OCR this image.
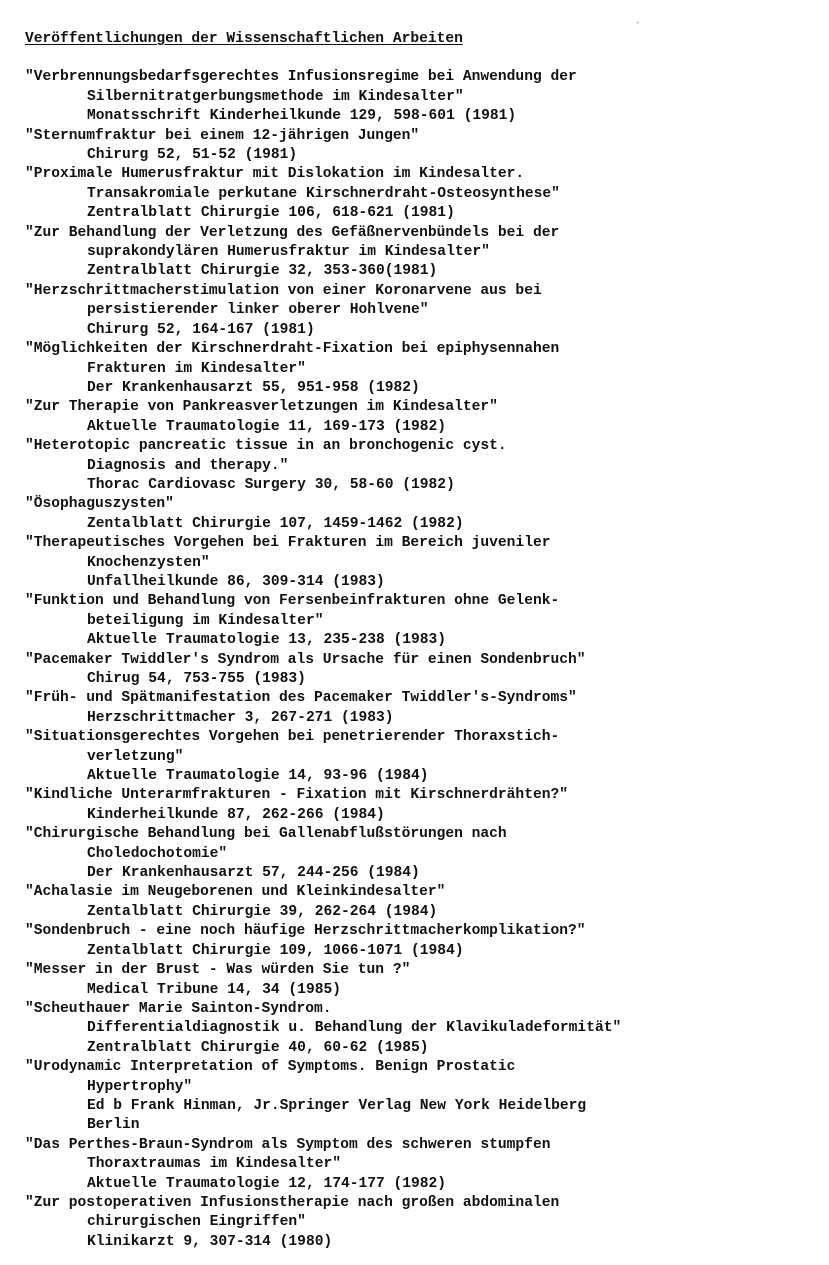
·
Veröffentlichungen der Wissenschaftlichen Arbeiten
"Verbrennungsbedarfsgerechtes Infusionsregime bei Anwendung der
Silbernitratgerbungsmethode im Kindesalter"
Monatsschrift Kinderheilkunde 129, 598-601 (1981)
"Sternumfraktur bei einem 12-jährigen Jungen"
Chirurg 52, 51-52 (1981)
"Proximale Humerusfraktur mit Dislokation im Kindesalter.
Transakromiale perkutane Kirschnerdraht-Osteosynthese"
Zentralblatt Chirurgie 106, 618-621 (1981)
"Zur Behandlung der Verletzung des Gefäßnervenbündels bei der
suprakondylären Humerusfraktur im Kindesalter"
Zentralblatt Chirurgie 32, 353-360(1981)
"Herzschrittmacherstimulation von einer Koronarvene aus bei
persistierender linker oberer Hohlvene"
Chirurg 52, 164-167 (1981)
"Möglichkeiten der Kirschnerdraht-Fixation bei epiphysennahen
Frakturen im Kindesalter"
Der Krankenhausarzt 55, 951-958 (1982)
"Zur Therapie von Pankreasverletzungen im Kindesalter"
Aktuelle Traumatologie 11, 169-173 (1982)
"Heterotopic pancreatic tissue in an bronchogenic cyst.
Diagnosis and therapy."
Thorac Cardiovasc Surgery 30, 58-60 (1982)
"Ösophaguszysten"
Zentalblatt Chirurgie 107, 1459-1462 (1982)
"Therapeutisches Vorgehen bei Frakturen im Bereich juveniler
Knochenzysten"
Unfallheilkunde 86, 309-314 (1983)
"Funktion und Behandlung von Fersenbeinfrakturen ohne Gelenk-
beteiligung im Kindesalter"
Aktuelle Traumatologie 13, 235-238 (1983)
"Pacemaker Twiddler's Syndrom als Ursache für einen Sondenbruch"
Chirug 54, 753-755 (1983)
"Früh- und Spätmanifestation des Pacemaker Twiddler's-Syndroms"
Herzschrittmacher 3, 267-271 (1983)
"Situationsgerechtes Vorgehen bei penetrierender Thoraxstich-
verletzung"
Aktuelle Traumatologie 14, 93-96 (1984)
"Kindliche Unterarmfrakturen - Fixation mit Kirschnerdrähten?"
Kinderheilkunde 87, 262-266 (1984)
"Chirurgische Behandlung bei Gallenabflußstörungen nach
Choledochotomie"
Der Krankenhausarzt 57, 244-256 (1984)
"Achalasie im Neugeborenen und Kleinkindesalter"
Zentalblatt Chirurgie 39, 262-264 (1984)
"Sondenbruch - eine noch häufige Herzschrittmacherkomplikation?"
Zentalblatt Chirurgie 109, 1066-1071 (1984)
"Messer in der Brust - Was würden Sie tun ?"
Medical Tribune 14, 34 (1985)
"Scheuthauer Marie Sainton-Syndrom.
Differentialdiagnostik u. Behandlung der Klavikuladeformität"
Zentralblatt Chirurgie 40, 60-62 (1985)
"Urodynamic Interpretation of Symptoms. Benign Prostatic
Hypertrophy"
Ed b Frank Hinman, Jr.Springer Verlag New York Heidelberg
Berlin
"Das Perthes-Braun-Syndrom als Symptom des schweren stumpfen
Thoraxtraumas im Kindesalter"
Aktuelle Traumatologie 12, 174-177 (1982)
"Zur postoperativen Infusionstherapie nach großen abdominalen
chirurgischen Eingriffen"
Klinikarzt 9, 307-314 (1980)
